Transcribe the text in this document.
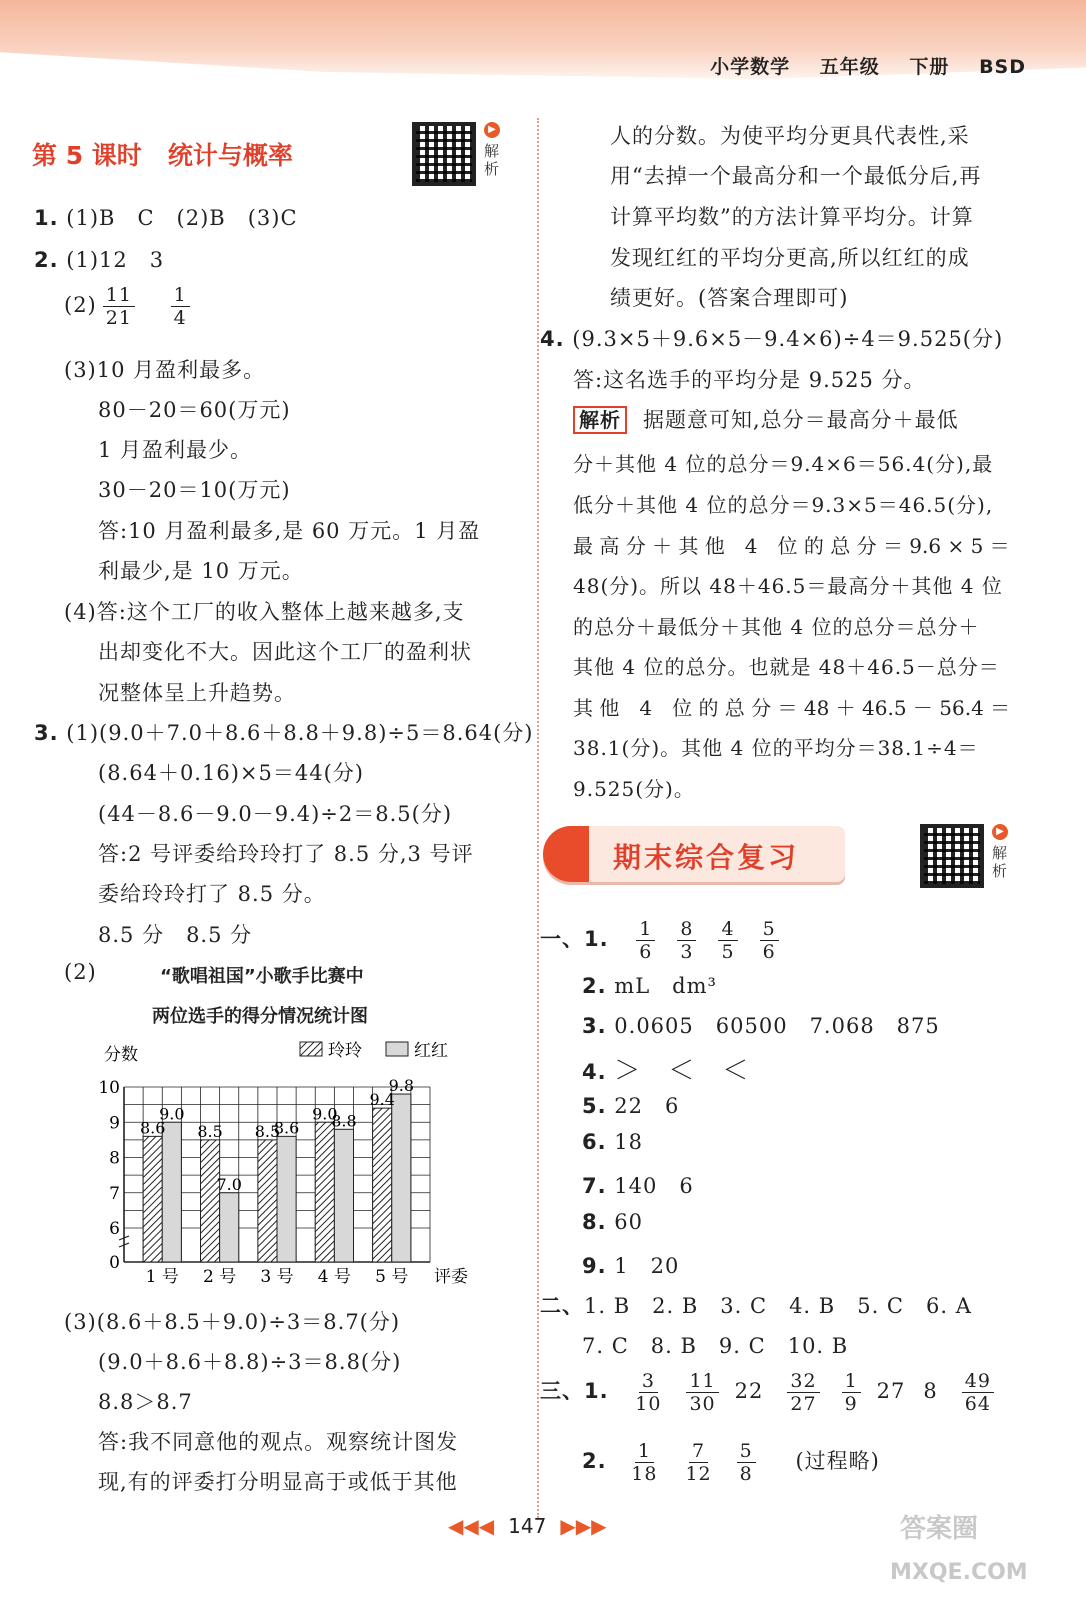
小学数学 五年级 下册 BSD
第 5 课时 统计与概率
▶
解析
1. (1)B　C　(2)B　(3)C
2. (1)12　3
$(2) \frac{11}{21}$
$\frac{1}{4}$
(3)10 月盈利最多。
80－20＝60(万元)
1 月盈利最少。
30－20＝10(万元)
答:10 月盈利最多,是 60 万元。1 月盈
利最少,是 10 万元。
(4)答:这个工厂的收入整体上越来越多,支
出却变化不大。因此这个工厂的盈利状
况整体呈上升趋势。
3. (1)(9.0＋7.0＋8.6＋8.8＋9.8)÷5＝8.64(分)
(8.64＋0.16)×5＝44(分)
(44－8.6－9.0－9.4)÷2＝8.5(分)
答:2 号评委给玲玲打了 8.5 分,3 号评
委给玲玲打了 8.5 分。
8.5 分　8.5 分
(2)	“歌唱祖国”小歌手比赛中
两位选手的得分情况统计图
0
6
7
8
9
10
分数	玲玲	红红
8.6
9.0
1 号
8.5
7.0
2 号
8.5
8.6
3 号
9.0
8.8
4 号
9.4
9.8
5 号 评委
(3)(8.6＋8.5＋9.0)÷3＝8.7(分)
(9.0＋8.6＋8.8)÷3＝8.8(分)
8.8＞8.7
答:我不同意他的观点。观察统计图发
现,有的评委打分明显高于或低于其他
人的分数。为使平均分更具代表性,采
用“去掉一个最高分和一个最低分后,再
计算平均数”的方法计算平均分。计算
发现红红的平均分更高,所以红红的成
绩更好。(答案合理即可)
4. (9.3×5＋9.6×5－9.4×6)÷4＝9.525(分)
答:这名选手的平均分是 9.525 分。
解析 据题意可知,总分＝最高分＋最低
分＋其他 4 位的总分＝9.4×6＝56.4(分),最
低分＋其他 4 位的总分＝9.3×5＝46.5(分),
最 高 分 ＋ 其 他　4　位 的 总 分 ＝ 9.6 × 5 ＝
48(分)。所以 48＋46.5＝最高分＋其他 4 位
的总分＋最低分＋其他 4 位的总分＝总分＋
其他 4 位的总分。也就是 48＋46.5－总分＝
其 他　4　位 的 总 分 ＝ 48 ＋ 46.5 － 56.4 ＝
38.1(分)。其他 4 位的平均分＝38.1÷4＝
9.525(分)。
期末综合复习
▶
解析
一、1. $\frac{1}{6} \frac{8}{3} \frac{4}{5} \frac{5}{6}$
2. mL　dm³
3. 0.0605　60500　7.068　875
4. ＞　＜　＜
5. 22　6
6. 18
7. 140　6
8. 60
9. 1　20
二、1. B　2. B　3. C　4. B　5. C　6. A
7. C　8. B　9. C　10. B
三、1. $\frac{3}{10} \frac{11}{30} 22 \frac{32}{27} \frac{1}{9} 27$ $8 \frac{49}{64}$
2. $\frac{1}{18} \frac{7}{12} \frac{5}{8}$ (过程略)
◀◀◀ 147 ▶▶▶	答案圈
MXQE.COM
